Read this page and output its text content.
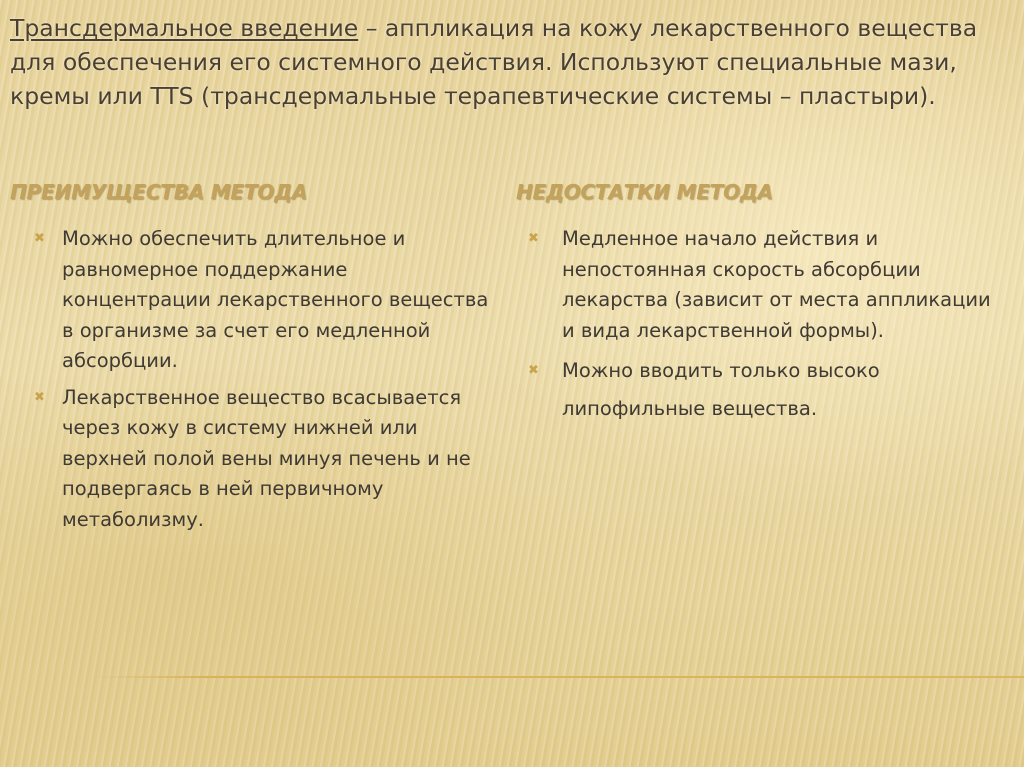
Трансдермальное введение – аппликация на кожу лекарственного вещества для обеспечения его системного действия. Используют специальные мази, кремы или TTS (трансдермальные терапевтические системы – пластыри).

ПРЕИМУЩЕСТВА МЕТОДА
✖ Можно обеспечить длительное и равномерное поддержание концентрации лекарственного вещества в организме за счет его медленной абсорбции.
✖ Лекарственное вещество всасывается через кожу в систему нижней или верхней полой вены минуя печень и не подвергаясь в ней первичному метаболизму.
НЕДОСТАТКИ МЕТОДА
✖ Медленное начало действия и непостоянная скорость абсорбции лекарства (зависит от места аппликации и вида лекарственной формы).
✖ Можно вводить только высоко липофильные вещества.
